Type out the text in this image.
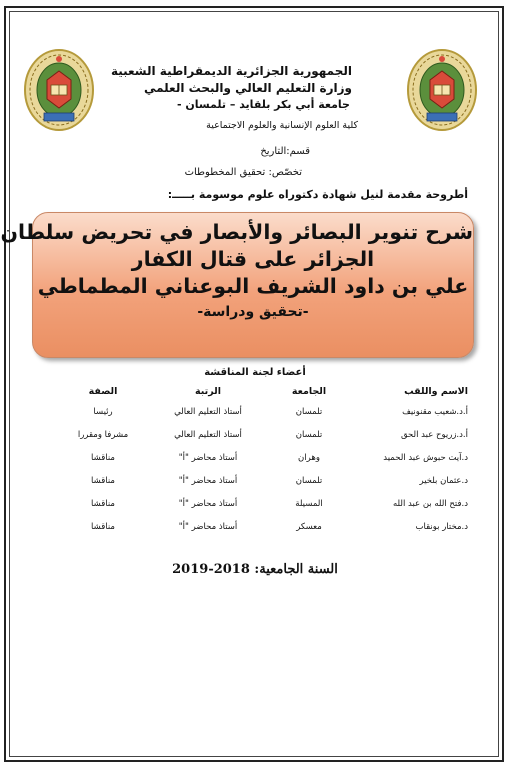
الجمهورية الجزائرية الديمقراطية الشعبية
وزارة التعليم العالي والبحث العلمي
جامعة أبي بكر بلقايد – تلمسان -
كلية العلوم الإنسانية والعلوم الاجتماعية
قسم:التاريخ
تخصّص: تحقيق المخطوطات
أطروحة مقدمة لنيل شهادة دكتوراه علوم موسومة بـــــ:
شرح تنوير البصائر والأبصار في تحريض سلطان
الجزائر على قتال الكفار
علي بن داود الشريف البوعناني المطماطي
-تحقيق ودراسة-
أعضاء لجنة المناقشة
الاسم واللقب	الجامعة	الرتبة	الصفة
أ.د.شعيب مقنونيف	تلمسان	أستاذ التعليم العالي	رئيسا
أ.د.زريوح عبد الحق	تلمسان	أستاذ التعليم العالي	مشرفا ومقررا
د.آيت حبوش عبد الحميد	وهران	أستاذ محاضر "أ"	مناقشا
د.عثمان بلخير	تلمسان	أستاذ محاضر "أ"	مناقشا
د.فتح الله بن عبد الله	المسيلة	أستاذ محاضر "أ"	مناقشا
د.مختار بونقاب	معسكر	أستاذ محاضر "أ"	مناقشا
السنة الجامعية: 2018-2019
